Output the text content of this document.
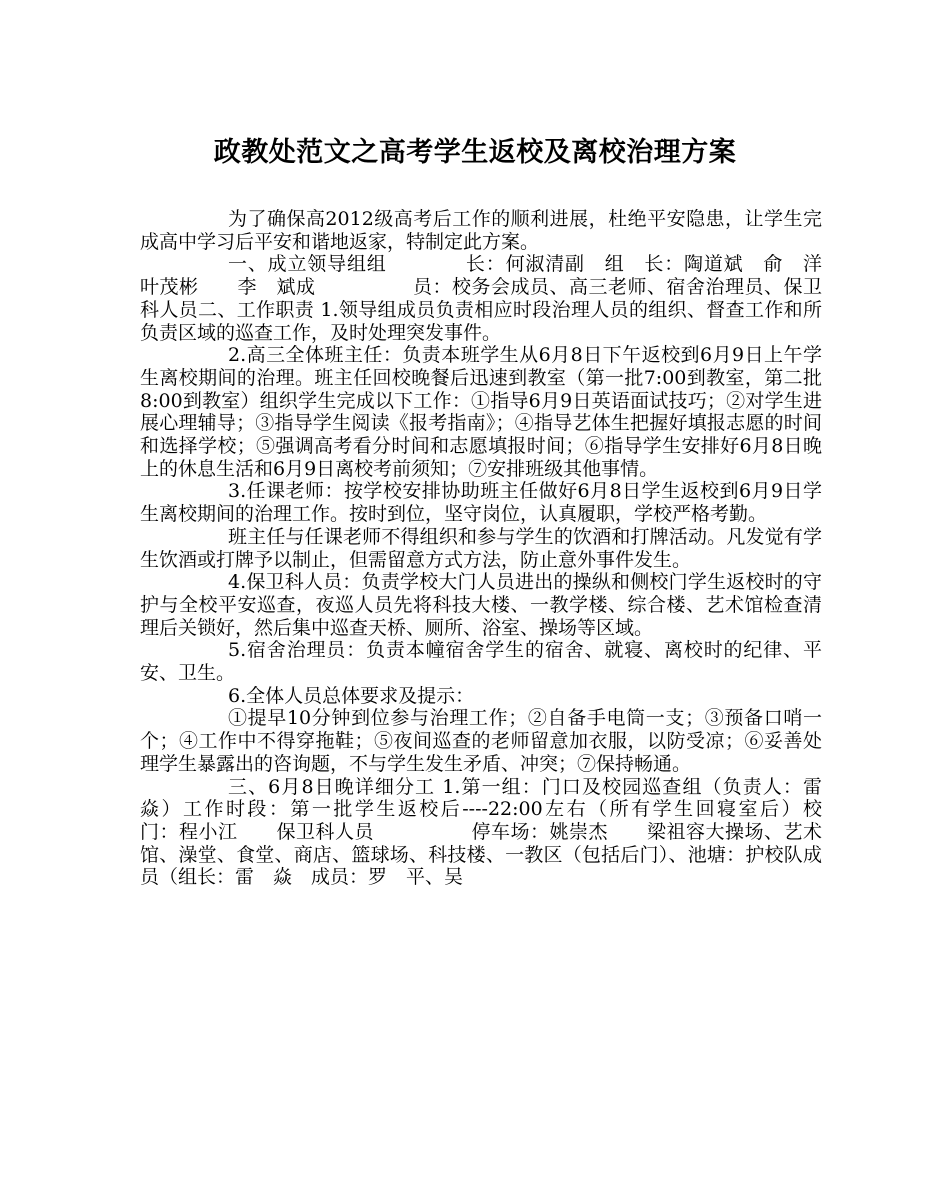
政教处范文之高考学生返校及离校治理方案

为了确保高2012级高考后工作的顺利进展，杜绝平安隐患，让学生完成高中学习后平安和谐地返家，特制定此方案。

一、成立领导组组　　　　长：何淑清副　组　长：陶道斌　俞　洋　叶茂彬　　李　斌成　　　　　员：校务会成员、高三老师、宿舍治理员、保卫科人员二、工作职责 1.领导组成员负责相应时段治理人员的组织、督查工作和所负责区域的巡查工作，及时处理突发事件。

2.高三全体班主任：负责本班学生从6月8日下午返校到6月9日上午学生离校期间的治理。班主任回校晚餐后迅速到教室（第一批7:00到教室，第二批8:00到教室）组织学生完成以下工作：①指导6月9日英语面试技巧；②对学生进展心理辅导；③指导学生阅读《报考指南》；④指导艺体生把握好填报志愿的时间和选择学校；⑤强调高考看分时间和志愿填报时间；⑥指导学生安排好6月8日晚上的休息生活和6月9日离校考前须知；⑦安排班级其他事情。

3.任课老师：按学校安排协助班主任做好6月8日学生返校到6月9日学生离校期间的治理工作。按时到位，坚守岗位，认真履职，学校严格考勤。

班主任与任课老师不得组织和参与学生的饮酒和打牌活动。凡发觉有学生饮酒或打牌予以制止，但需留意方式方法，防止意外事件发生。

4.保卫科人员：负责学校大门人员进出的操纵和侧校门学生返校时的守护与全校平安巡查，夜巡人员先将科技大楼、一教学楼、综合楼、艺术馆检查清理后关锁好，然后集中巡查天桥、厕所、浴室、操场等区域。

5.宿舍治理员：负责本幢宿舍学生的宿舍、就寝、离校时的纪律、平安、卫生。

6.全体人员总体要求及提示：

①提早10分钟到位参与治理工作；②自备手电筒一支；③预备口哨一个；④工作中不得穿拖鞋；⑤夜间巡查的老师留意加衣服，以防受凉；⑥妥善处理学生暴露出的咨询题，不与学生发生矛盾、冲突；⑦保持畅通。

三、6月8日晚详细分工 1.第一组：门口及校园巡查组（负责人：雷　焱）工作时段：第一批学生返校后----22:00左右（所有学生回寝室后）校　　门：程小江　　保卫科人员　　　　　停车场：姚崇杰　　梁祖容大操场、艺术馆、澡堂、食堂、商店、篮球场、科技楼、一教区（包括后门）、池塘：护校队成员（组长：雷　焱　成员：罗　平、吴
